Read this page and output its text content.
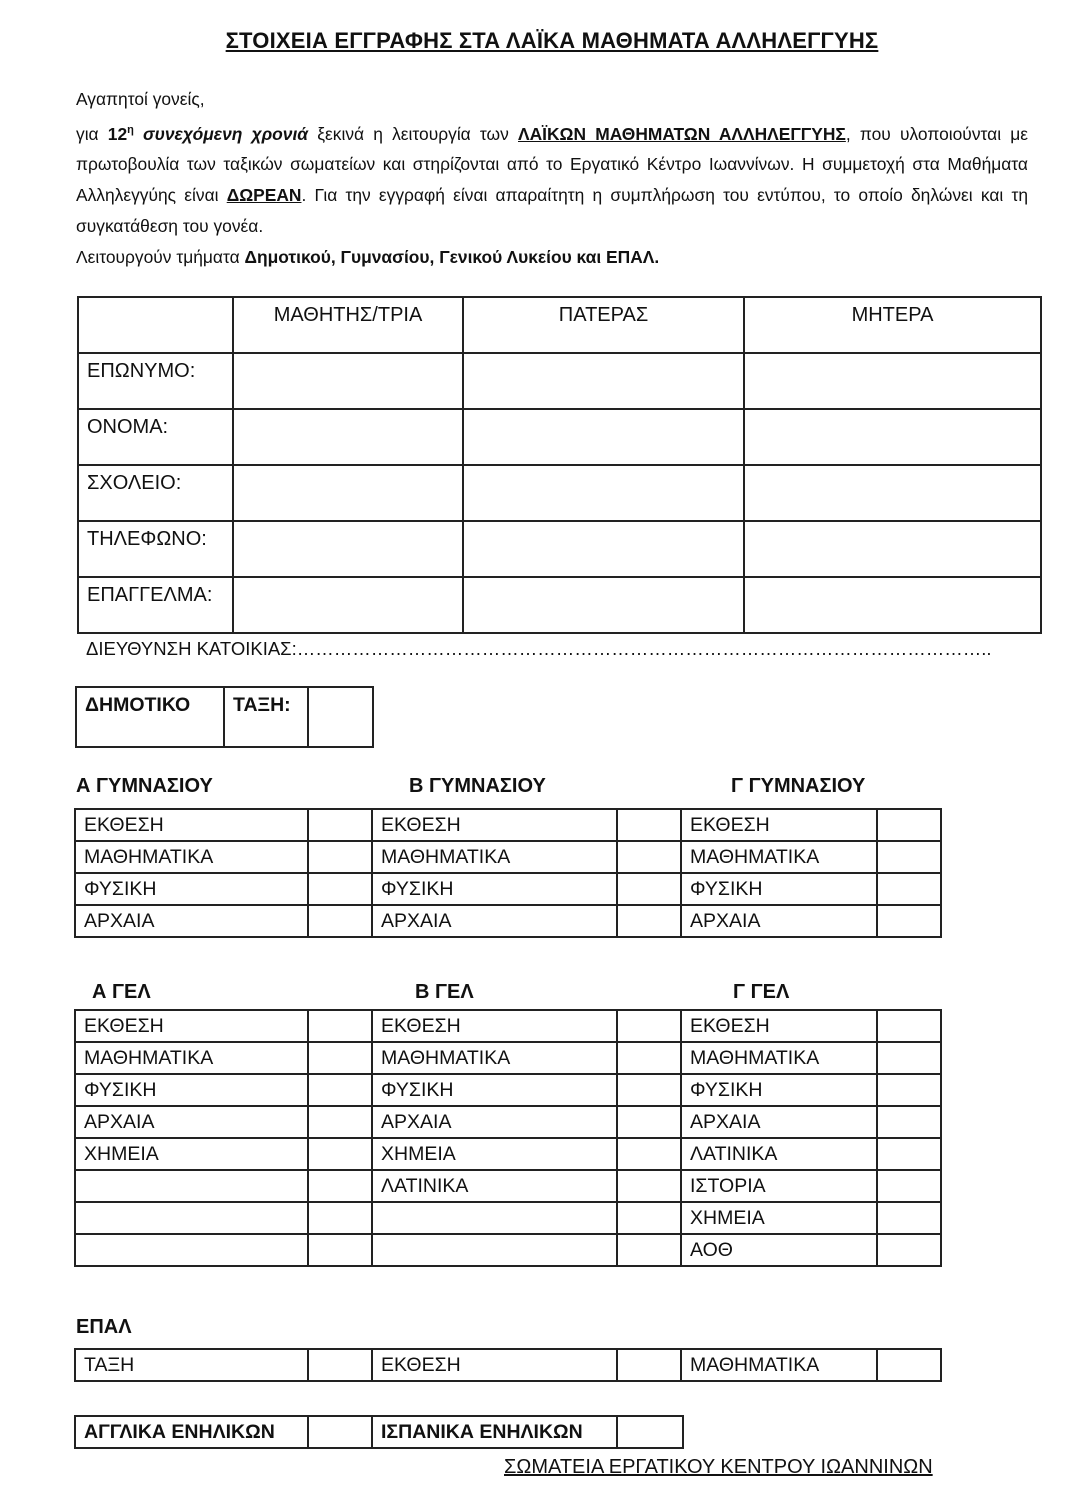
ΣΤΟΙΧΕΙΑ ΕΓΓΡΑΦΗΣ ΣΤΑ ΛΑΪΚΑ ΜΑΘΗΜΑΤΑ ΑΛΛΗΛΕΓΓΥΗΣ

Αγαπητοί γονείς,

για $12^\eta$ συνεχόμενη χρονιά ξεκινά η λειτουργία των ΛΑΪΚΩΝ ΜΑΘΗΜΑΤΩΝ ΑΛΛΗΛΕΓΓΥΗΣ, που υλοποιούνται με πρωτοβουλία των ταξικών σωματείων και στηρίζονται από το Εργατικό Κέντρο Ιωαννίνων. Η συμμετοχή στα Μαθήματα Αλληλεγγύης είναι ΔΩΡΕΑΝ. Για την εγγραφή είναι απαραίτητη η συμπλήρωση του εντύπου, το οποίο δηλώνει και τη συγκατάθεση του γονέα.

Λειτουργούν τμήματα Δημοτικού, Γυμνασίου, Γενικού Λυκείου και ΕΠΑΛ.

	ΜΑΘΗΤΗΣ/ΤΡΙΑ	ΠΑΤΕΡΑΣ	ΜΗΤΕΡΑ
ΕΠΩΝΥΜΟ:			
ΟΝΟΜΑ:			
ΣΧΟΛΕΙΟ:			
ΤΗΛΕΦΩΝΟ:			
ΕΠΑΓΓΕΛΜΑ:			
ΔΙΕΥΘΥΝΣΗ ΚΑΤΟΙΚΙΑΣ:…………………………………………………………………………………………………..
ΔΗΜΟΤΙΚΟ	ΤΑΞΗ:	
Α ΓΥΜΝΑΣΙΟΥ	Β ΓΥΜΝΑΣΙΟΥ	Γ ΓΥΜΝΑΣΙΟΥ
ΕΚΘΕΣΗ		ΕΚΘΕΣΗ		ΕΚΘΕΣΗ	
ΜΑΘΗΜΑΤΙΚΑ		ΜΑΘΗΜΑΤΙΚΑ		ΜΑΘΗΜΑΤΙΚΑ	
ΦΥΣΙΚΗ		ΦΥΣΙΚΗ		ΦΥΣΙΚΗ	
ΑΡΧΑΙΑ		ΑΡΧΑΙΑ		ΑΡΧΑΙΑ	
Α ΓΕΛ	Β ΓΕΛ	Γ ΓΕΛ
ΕΚΘΕΣΗ		ΕΚΘΕΣΗ		ΕΚΘΕΣΗ	
ΜΑΘΗΜΑΤΙΚΑ		ΜΑΘΗΜΑΤΙΚΑ		ΜΑΘΗΜΑΤΙΚΑ	
ΦΥΣΙΚΗ		ΦΥΣΙΚΗ		ΦΥΣΙΚΗ	
ΑΡΧΑΙΑ		ΑΡΧΑΙΑ		ΑΡΧΑΙΑ	
ΧΗΜΕΙΑ		ΧΗΜΕΙΑ		ΛΑΤΙΝΙΚΑ	
		ΛΑΤΙΝΙΚΑ		ΙΣΤΟΡΙΑ	
				ΧΗΜΕΙΑ	
				ΑΟΘ	
ΕΠΑΛ
ΤΑΞΗ		ΕΚΘΕΣΗ		ΜΑΘΗΜΑΤΙΚΑ	
ΑΓΓΛΙΚΑ ΕΝΗΛΙΚΩΝ		ΙΣΠΑΝΙΚΑ ΕΝΗΛΙΚΩΝ	
ΣΩΜΑΤΕΙΑ ΕΡΓΑΤΙΚΟΥ ΚΕΝΤΡΟΥ ΙΩΑΝΝΙΝΩΝ
